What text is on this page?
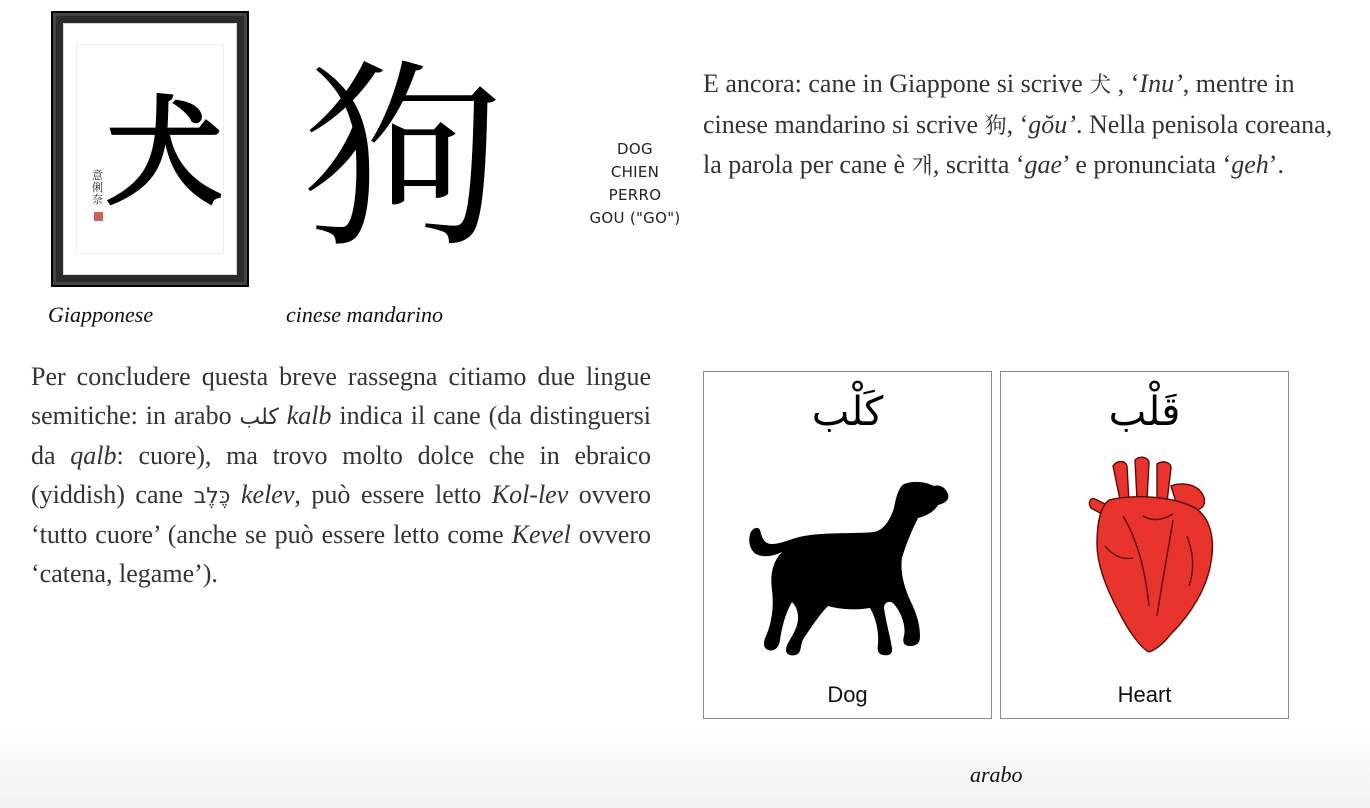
犬
意俐奈 狗
Giapponese	cinese mandarino
DOG
CHIEN
PERRO
GOU ("GO")
E ancora: cane in Giappone si scrive 犬 , ‘Inu’, mentre in cinese mandarino si scrive 狗, ‘gŏu’. Nella penisola coreana, la parola per cane è 개, scritta ‘gae’ e pronunciata ‘geh’.
Per concludere questa breve rassegna citiamo due lingue semitiche: in arabo كلب kalb indica il cane (da distinguersi da qalb: cuore), ma trovo molto dolce che in ebraico (yiddish) cane כֶּלֶב kelev, può essere letto Kol-lev ovvero ‘tutto cuore’ (anche se può essere letto come Kevel ovvero ‘catena, legame’).
كَلْب
Dog
قَلْب
Heart
arabo
